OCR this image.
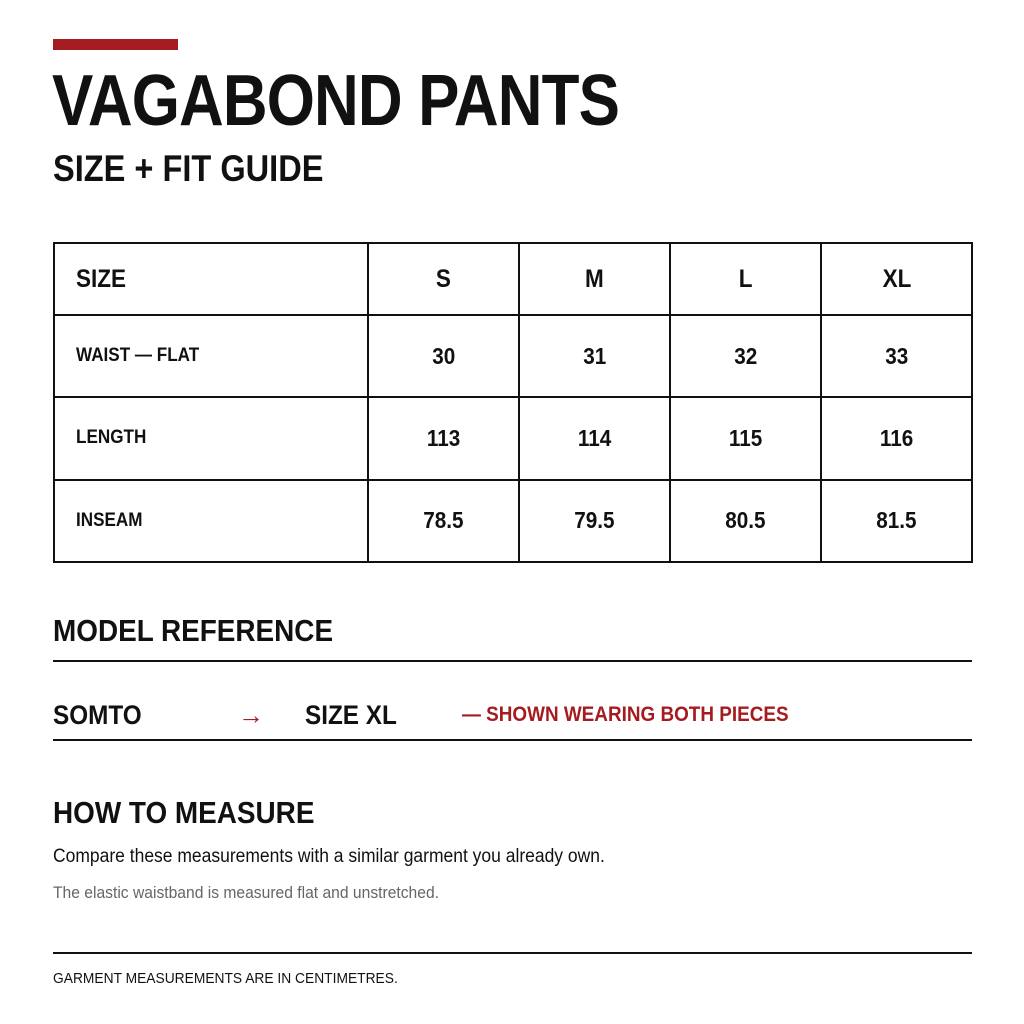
VAGABOND PANTS
SIZE + FIT GUIDE
SIZE	S	M	L	XL
WAIST — FLAT	30	31	32	33
LENGTH	113	114	115	116
INSEAM	78.5	79.5	80.5	81.5
MODEL REFERENCE
SOMTO	→ SIZE XL	— SHOWN WEARING BOTH PIECES
HOW TO MEASURE
Compare these measurements with a similar garment you already own.
The elastic waistband is measured flat and unstretched.
GARMENT MEASUREMENTS ARE IN CENTIMETRES.
